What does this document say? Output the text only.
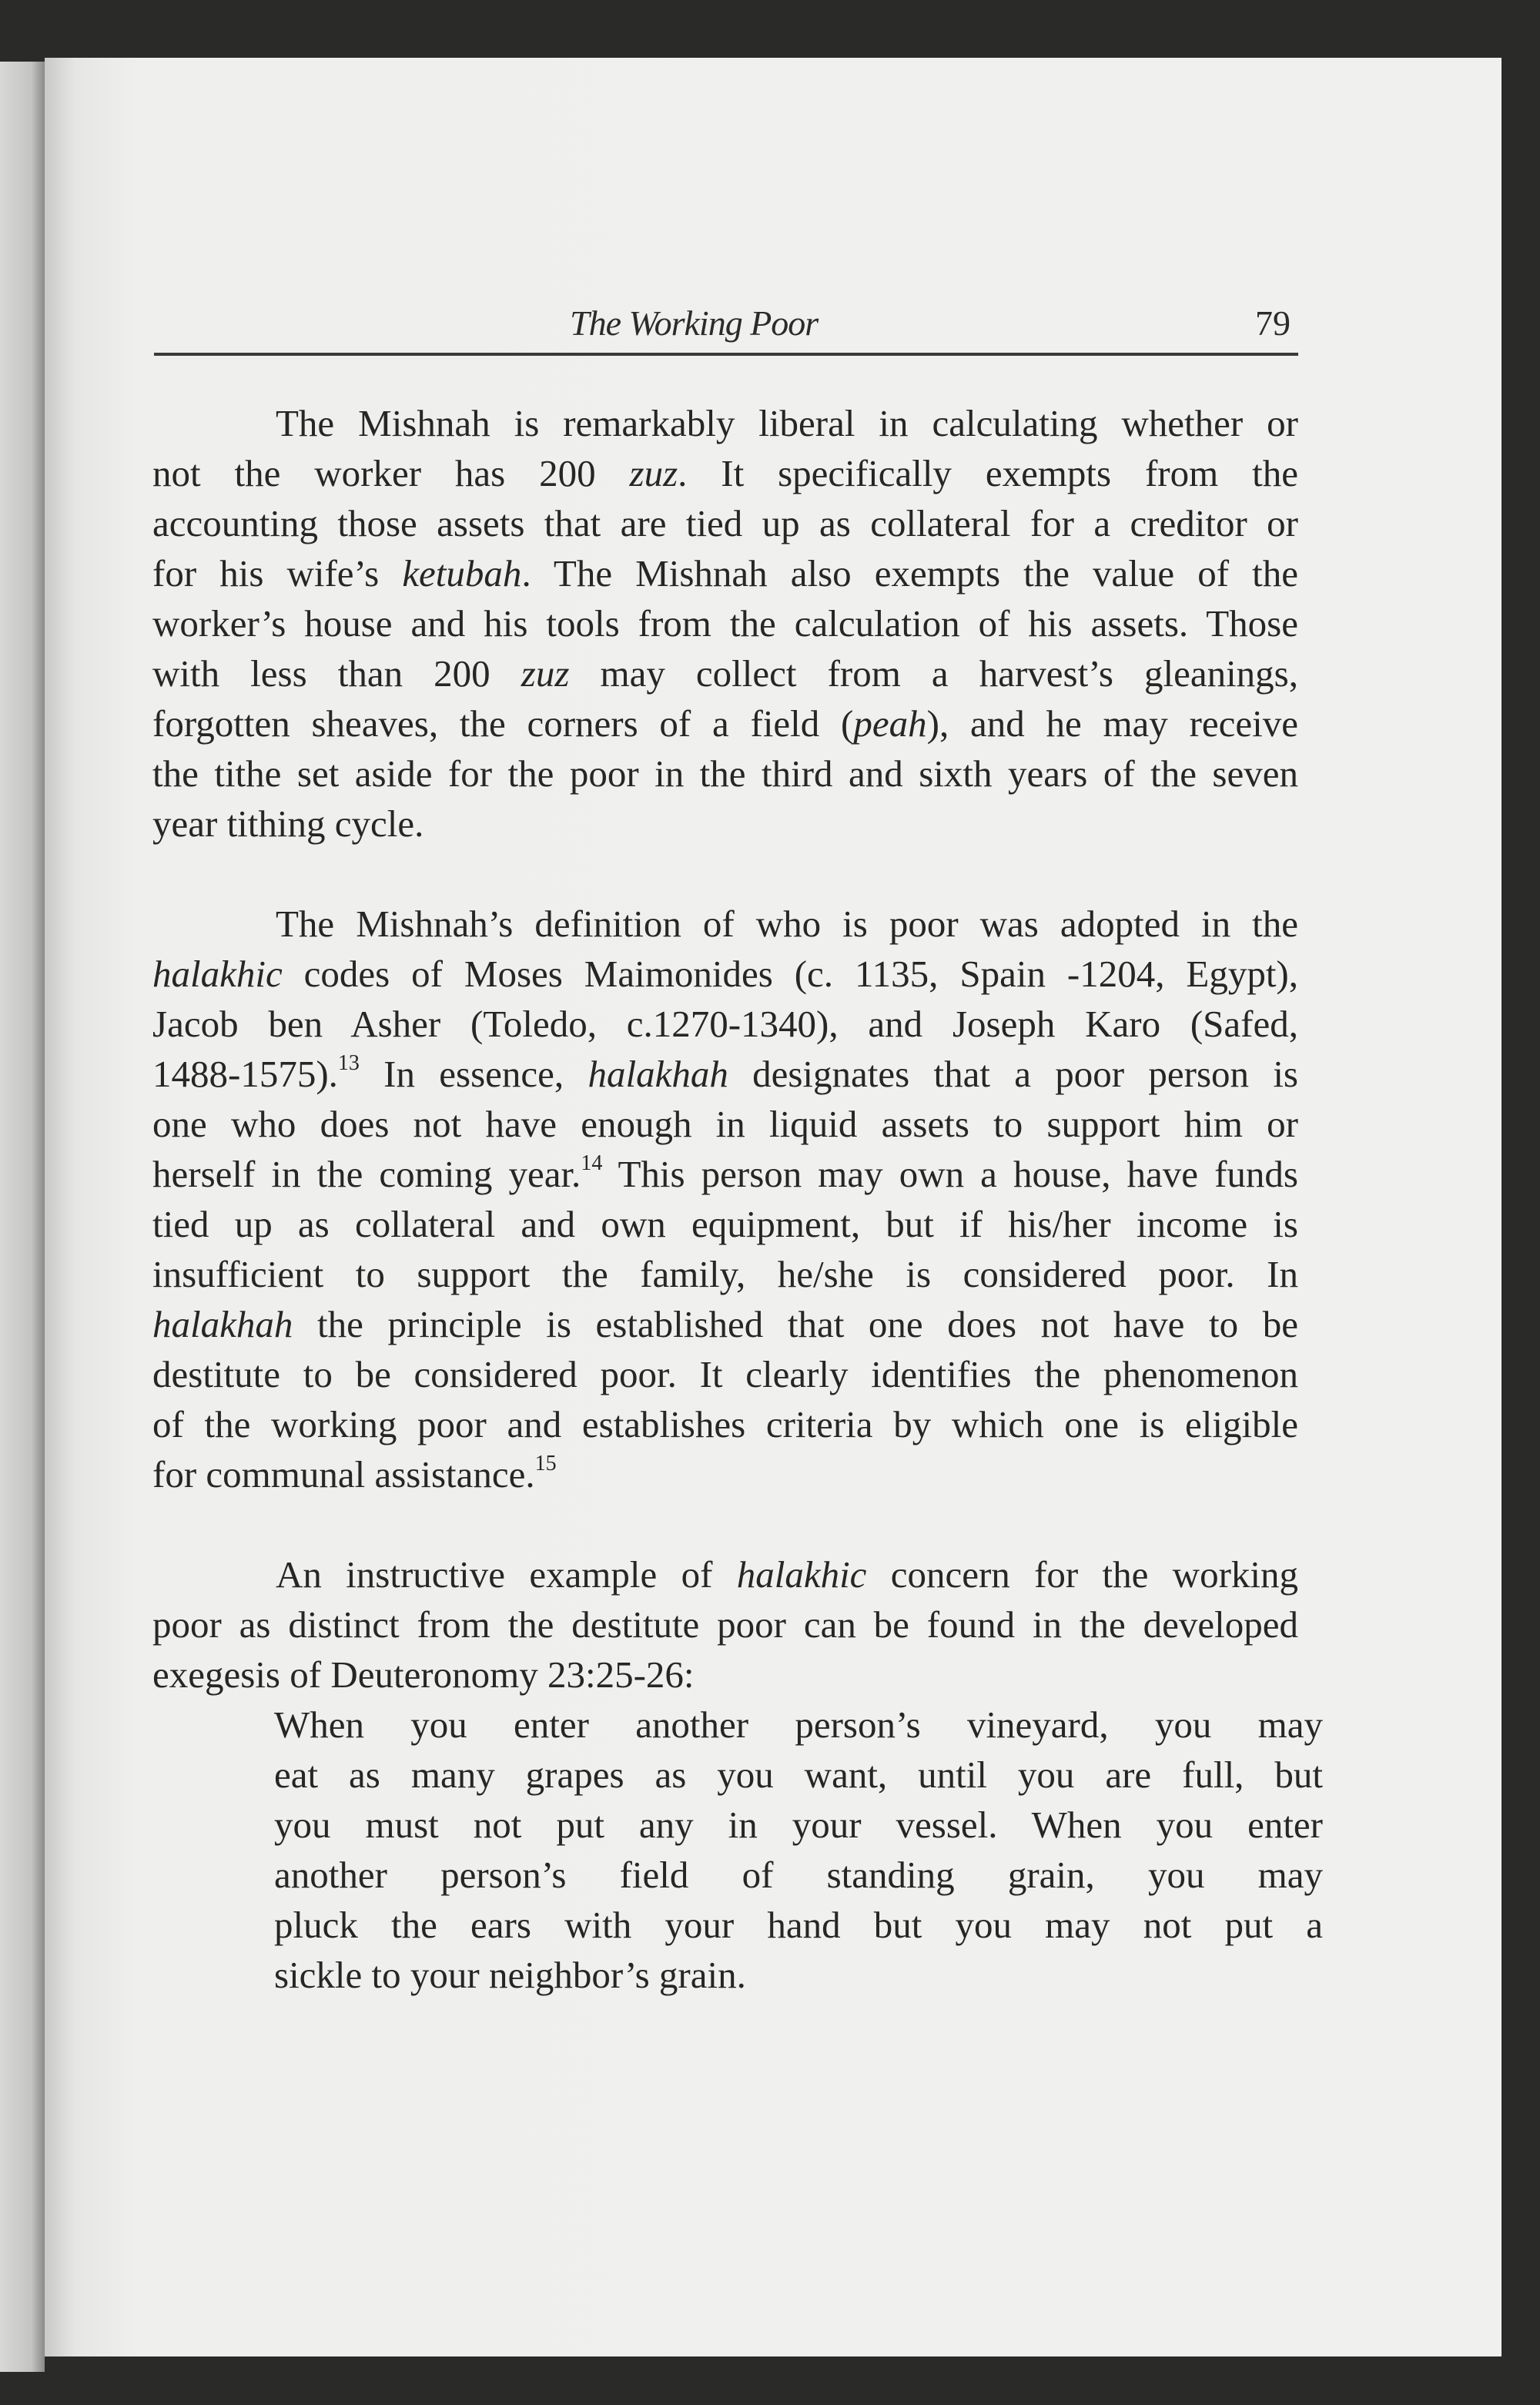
The Working Poor	79
The Mishnah is remarkably liberal in calculating whether or
not the worker has 200 zuz. It specifically exempts from the
accounting those assets that are tied up as collateral for a creditor or
for his wife’s ketubah. The Mishnah also exempts the value of the
worker’s house and his tools from the calculation of his assets. Those
with less than 200 zuz may collect from a harvest’s gleanings,
forgotten sheaves, the corners of a field (peah), and he may receive
the tithe set aside for the poor in the third and sixth years of the seven
year tithing cycle.
The Mishnah’s definition of who is poor was adopted in the
halakhic codes of Moses Maimonides (c. 1135, Spain -1204, Egypt),
Jacob ben Asher (Toledo, c.1270-1340), and Joseph Karo (Safed,
1488-1575).$^{13}$ In essence, halakhah designates that a poor person is
one who does not have enough in liquid assets to support him or
herself in the coming year.$^{14}$ This person may own a house, have funds
tied up as collateral and own equipment, but if his/her income is
insufficient to support the family, he/she is considered poor. In
halakhah the principle is established that one does not have to be
destitute to be considered poor. It clearly identifies the phenomenon
of the working poor and establishes criteria by which one is eligible
for communal assistance.$^{15}$
An instructive example of halakhic concern for the working
poor as distinct from the destitute poor can be found in the developed
exegesis of Deuteronomy 23:25-26:
When you enter another person’s vineyard, you may
eat as many grapes as you want, until you are full, but
you must not put any in your vessel. When you enter
another person’s field of standing grain, you may
pluck the ears with your hand but you may not put a
sickle to your neighbor’s grain.
